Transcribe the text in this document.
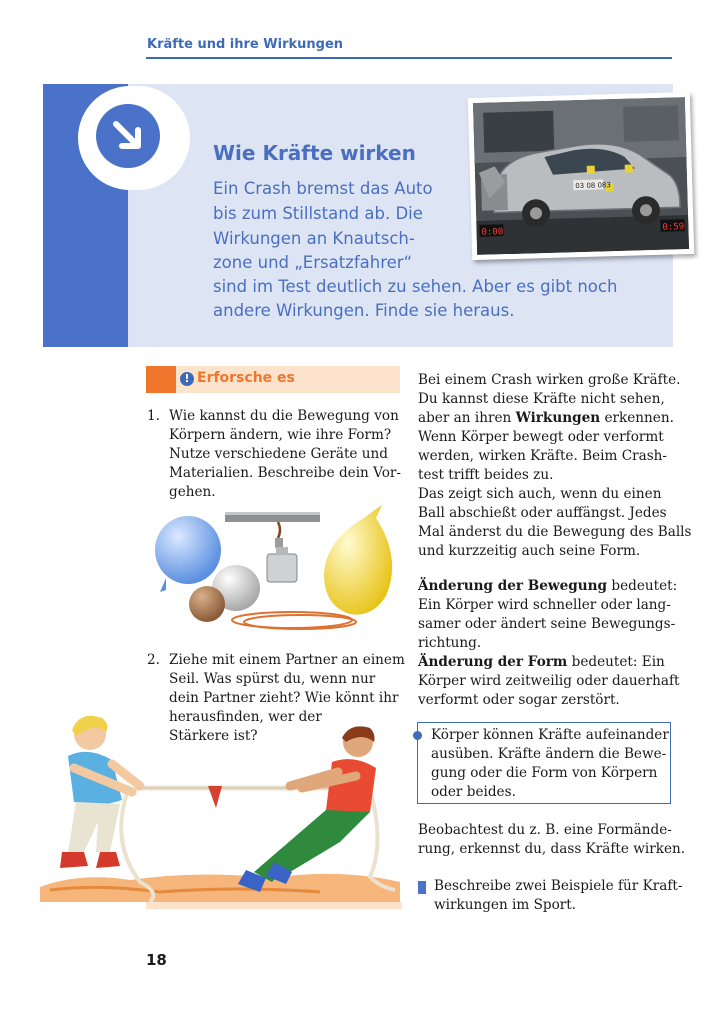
Kräfte und ihre Wirkungen
Wie Kräfte wirken
Ein Crash bremst das Auto
bis zum Stillstand ab. Die
Wirkungen an Knautsch-
zone und „Ersatzfahrer“
sind im Test deutlich zu sehen. Aber es gibt noch
andere Wirkungen. Finde sie heraus.
03 08 083
0:00	0:59
! Erforsche es
1. Wie kannst du die Bewegung von
Körpern ändern, wie ihre Form?
Nutze verschiedene Geräte und
Materialien. Beschreibe dein Vor-
gehen.
2. Ziehe mit einem Partner an einem
Seil. Was spürst du, wenn nur
dein Partner zieht? Wie könnt ihr
herausfinden, wer der
Stärkere ist?
Bei einem Crash wirken große Kräfte.
Du kannst diese Kräfte nicht sehen,
aber an ihren Wirkungen erkennen.
Wenn Körper bewegt oder verformt
werden, wirken Kräfte. Beim Crash-
test trifft beides zu.
Das zeigt sich auch, wenn du einen
Ball abschießt oder auffängst. Jedes
Mal änderst du die Bewegung des Balls
und kurzzeitig auch seine Form.
Änderung der Bewegung bedeutet:
Ein Körper wird schneller oder lang-
samer oder ändert seine Bewegungs-
richtung.
Änderung der Form bedeutet: Ein
Körper wird zeitweilig oder dauerhaft
verformt oder sogar zerstört.
Körper können Kräfte aufeinander
ausüben. Kräfte ändern die Bewe-
gung oder die Form von Körpern
oder beides.
Beobachtest du z. B. eine Formände-
rung, erkennst du, dass Kräfte wirken.
Beschreibe zwei Beispiele für Kraft-
wirkungen im Sport.
18
